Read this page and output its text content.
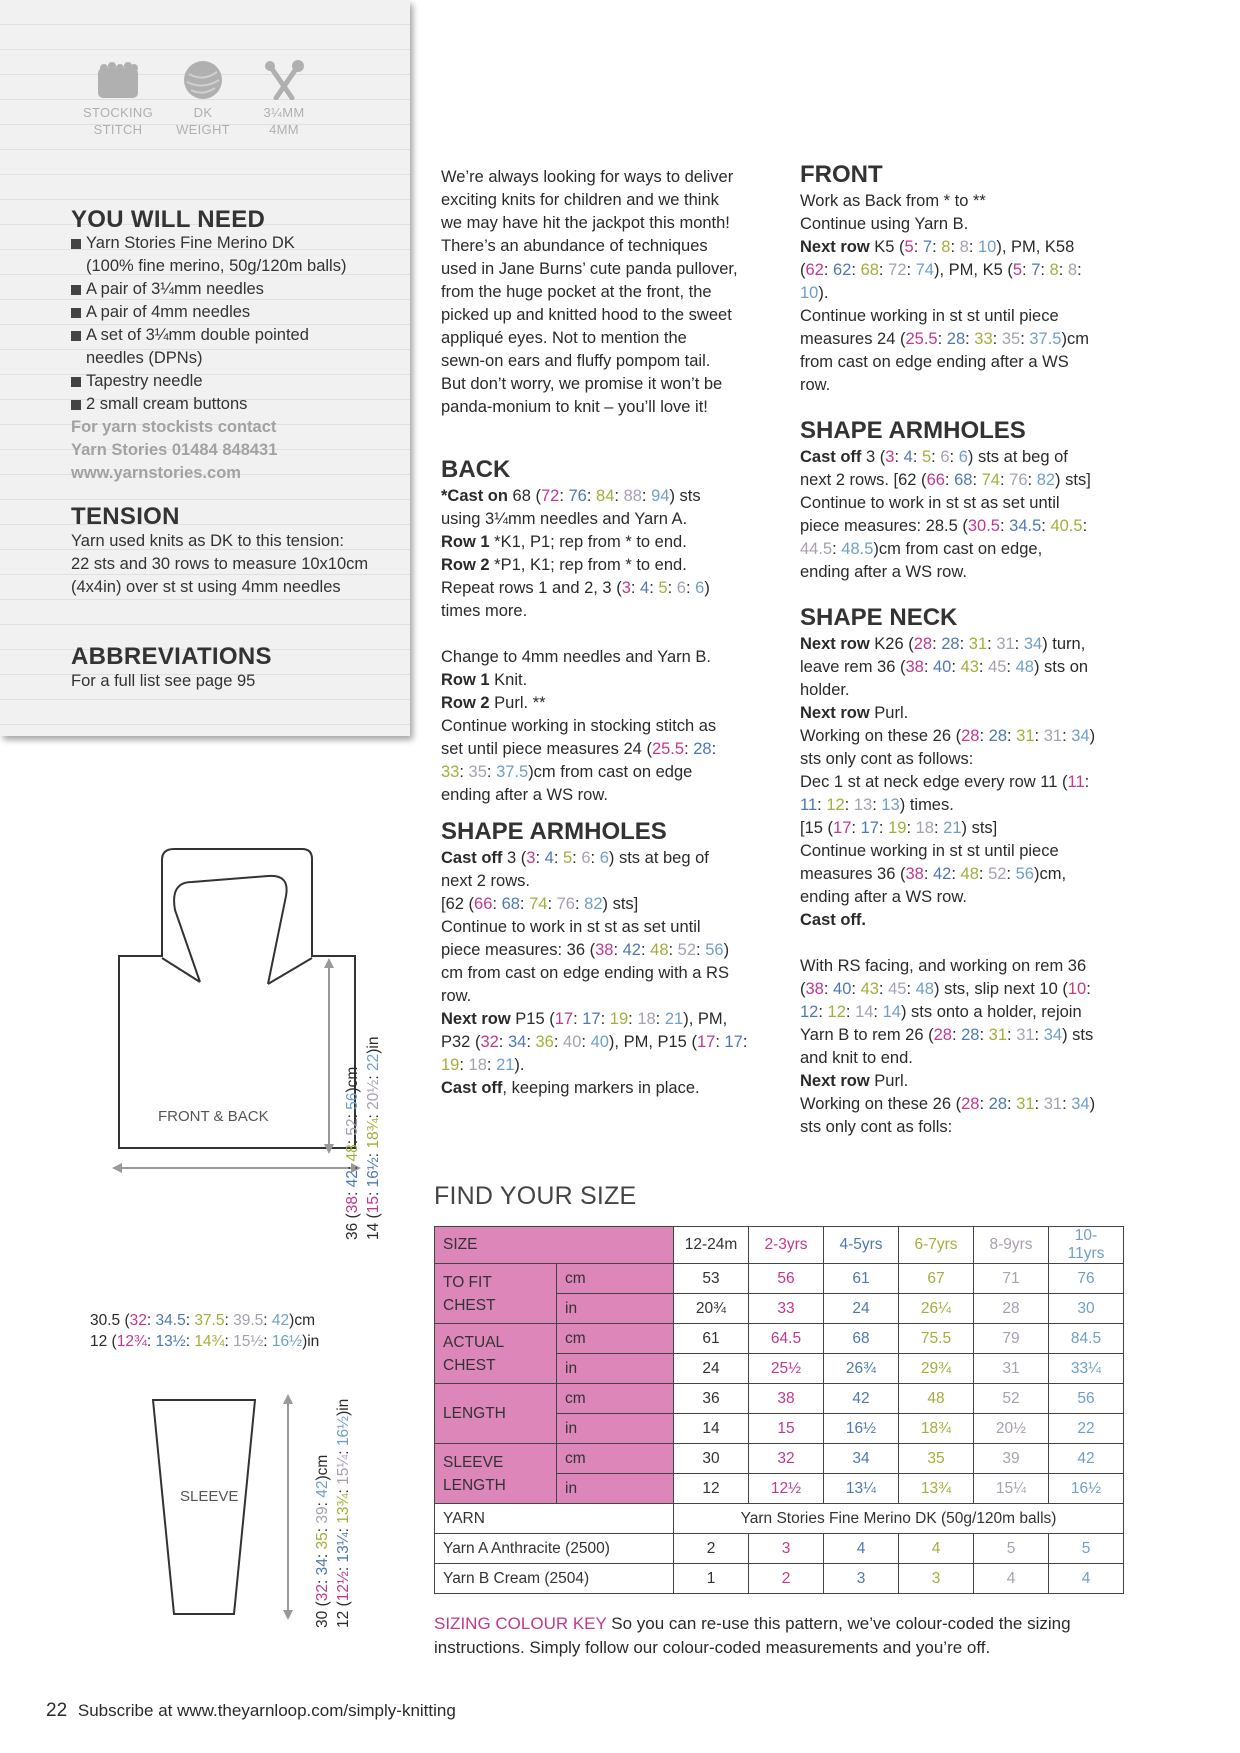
STOCKING
STITCH
DK
WEIGHT
3¼MM
4MM
YOU WILL NEED
Yarn Stories Fine Merino DK
(100% fine merino, 50g/120m balls)
A pair of 3¼mm needles
A pair of 4mm needles
A set of 3¼mm double pointed
needles (DPNs)
Tapestry needle
2 small cream buttons
For yarn stockists contact
Yarn Stories 01484 848431
www.yarnstories.com
TENSION
Yarn used knits as DK to this tension:
22 sts and 30 rows to measure 10x10cm
(4x4in) over st st using 4mm needles
ABBREVIATIONS
For a full list see page 95

We’re always looking for ways to deliver

exciting knits for children and we think

we may have hit the jackpot this month!

There’s an abundance of techniques

used in Jane Burns’ cute panda pullover,

from the huge pocket at the front, the

picked up and knitted hood to the sweet

appliqué eyes. Not to mention the

sewn-on ears and fluffy pompom tail.

But don’t worry, we promise it won’t be

panda-monium to knit – you’ll love it!

BACK

*Cast on 68 (72: 76: 84: 88: 94) sts

using 3¼mm needles and Yarn A.

Row 1 *K1, P1; rep from * to end.

Row 2 *P1, K1; rep from * to end.

Repeat rows 1 and 2, 3 (3: 4: 5: 6: 6)

times more.

Change to 4mm needles and Yarn B.

Row 1 Knit.

Row 2 Purl. **

Continue working in stocking stitch as

set until piece measures 24 (25.5: 28:

33: 35: 37.5)cm from cast on edge

ending after a WS row.

SHAPE ARMHOLES

Cast off 3 (3: 4: 5: 6: 6) sts at beg of

next 2 rows.

[62 (66: 68: 74: 76: 82) sts]

Continue to work in st st as set until

piece measures: 36 (38: 42: 48: 52: 56)

cm from cast on edge ending with a RS

row.

Next row P15 (17: 17: 19: 18: 21), PM,

P32 (32: 34: 36: 40: 40), PM, P15 (17: 17:

19: 18: 21).

Cast off, keeping markers in place.

FRONT

Work as Back from * to **

Continue using Yarn B.

Next row K5 (5: 7: 8: 8: 10), PM, K58

(62: 62: 68: 72: 74), PM, K5 (5: 7: 8: 8:

10).

Continue working in st st until piece

measures 24 (25.5: 28: 33: 35: 37.5)cm

from cast on edge ending after a WS

row.

SHAPE ARMHOLES

Cast off 3 (3: 4: 5: 6: 6) sts at beg of

next 2 rows. [62 (66: 68: 74: 76: 82) sts]

Continue to work in st st as set until

piece measures: 28.5 (30.5: 34.5: 40.5:

44.5: 48.5)cm from cast on edge,

ending after a WS row.

SHAPE NECK

Next row K26 (28: 28: 31: 31: 34) turn,

leave rem 36 (38: 40: 43: 45: 48) sts on

holder.

Next row Purl.

Working on these 26 (28: 28: 31: 31: 34)

sts only cont as follows:

Dec 1 st at neck edge every row 11 (11:

11: 12: 13: 13) times.

[15 (17: 17: 19: 18: 21) sts]

Continue working in st st until piece

measures 36 (38: 42: 48: 52: 56)cm,

ending after a WS row.

Cast off.

With RS facing, and working on rem 36

(38: 40: 43: 45: 48) sts, slip next 10 (10:

12: 12: 14: 14) sts onto a holder, rejoin

Yarn B to rem 26 (28: 28: 31: 31: 34) sts

and knit to end.

Next row Purl.

Working on these 26 (28: 28: 31: 31: 34)

sts only cont as folls:

FRONT & BACK
SLEEVE
36 (38: 42: 48: 52: 56)cm
14 (15: 16½: 18¾: 20½: 22)in
30.5 (32: 34.5: 37.5: 39.5: 42)cm
12 (12¾: 13½: 14¾: 15½: 16½)in
30 (32: 34: 35: 39: 42)cm
12 (12½: 13¼: 13¾: 15¼: 16½)in
FIND YOUR SIZE
SIZE		12-24m	2-3yrs	4-5yrs	6-7yrs	8-9yrs	10-11yrs
TO FIT
CHEST	cm	53	56	61	67	71	76
	in	20¾	33	24	26¼	28	30
ACTUAL
CHEST	cm	61	64.5	68	75.5	79	84.5
	in	24	25½	26¾	29¾	31	33¼
LENGTH	cm	36	38	42	48	52	56
	in	14	15	16½	18¾	20½	22
SLEEVE
LENGTH	cm	30	32	34	35	39	42
	in	12	12½	13¼	13¾	15¼	16½
YARN		Yarn Stories Fine Merino DK (50g/120m balls)					
Yarn A Anthracite (2500)		2	3	4	4	5	5
Yarn B Cream (2504)		1	2	3	3	4	4
SIZING COLOUR KEY So you can re-use this pattern, we’ve colour-coded the sizing instructions. Simply follow our colour-coded measurements and you’re off.
22 Subscribe at www.theyarnloop.com/simply-knitting
